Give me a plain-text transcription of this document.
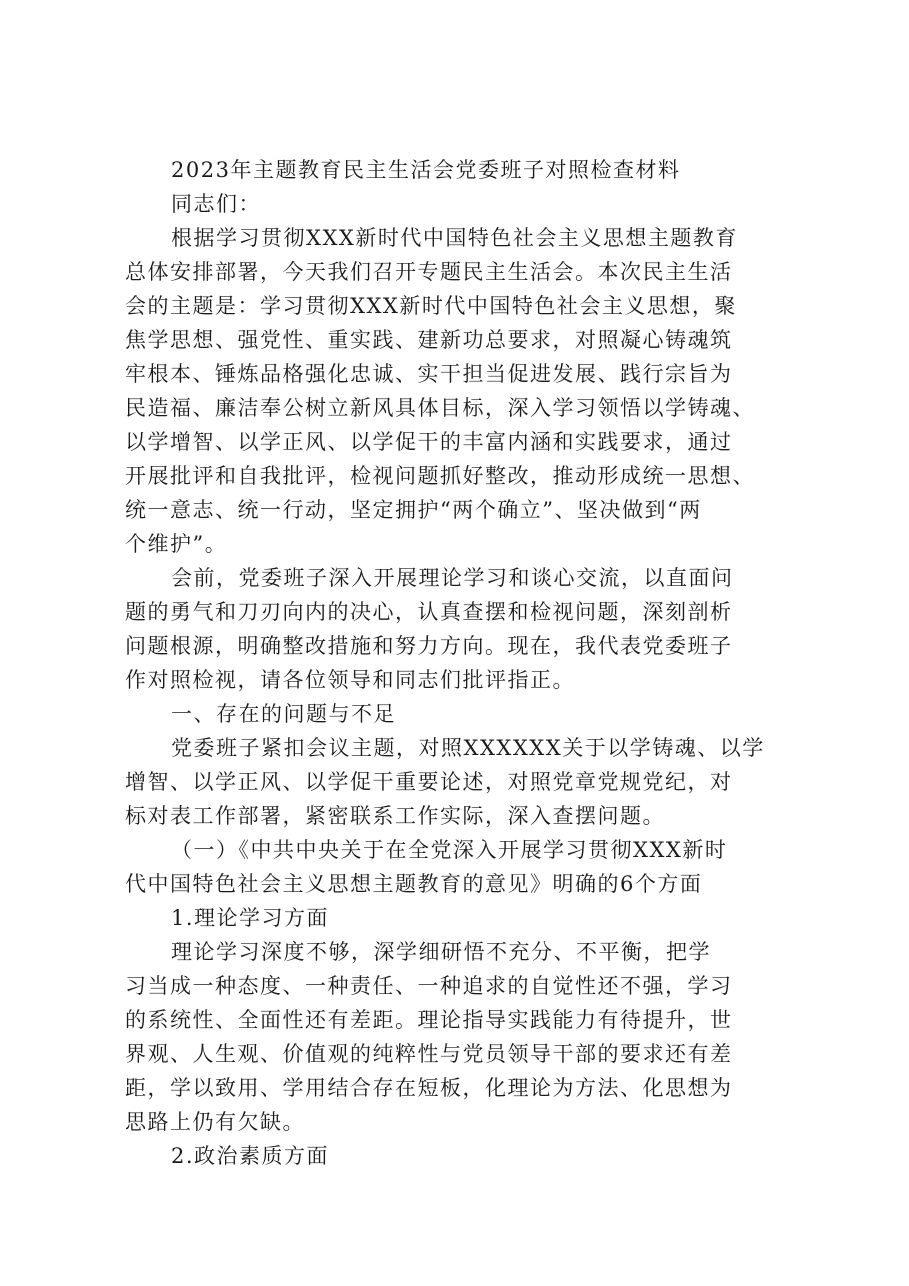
2023年主题教育民主生活会党委班子对照检查材料
同志们：
根据学习贯彻XXX新时代中国特色社会主义思想主题教育
总体安排部署，今天我们召开专题民主生活会。本次民主生活
会的主题是：学习贯彻XXX新时代中国特色社会主义思想，聚
焦学思想、强党性、重实践、建新功总要求，对照凝心铸魂筑
牢根本、锤炼品格强化忠诚、实干担当促进发展、践行宗旨为
民造福、廉洁奉公树立新风具体目标，深入学习领悟以学铸魂、
以学增智、以学正风、以学促干的丰富内涵和实践要求，通过
开展批评和自我批评，检视问题抓好整改，推动形成统一思想、
统一意志、统一行动，坚定拥护“两个确立”、坚决做到“两
个维护”。
会前，党委班子深入开展理论学习和谈心交流，以直面问
题的勇气和刀刃向内的决心，认真查摆和检视问题，深刻剖析
问题根源，明确整改措施和努力方向。现在，我代表党委班子
作对照检视，请各位领导和同志们批评指正。
一、存在的问题与不足
党委班子紧扣会议主题，对照XXXXXX关于以学铸魂、以学
增智、以学正风、以学促干重要论述，对照党章党规党纪，对
标对表工作部署，紧密联系工作实际，深入查摆问题。
（一）《中共中央关于在全党深入开展学习贯彻XXX新时
代中国特色社会主义思想主题教育的意见》明确的6个方面
1.理论学习方面
理论学习深度不够，深学细研悟不充分、不平衡，把学
习当成一种态度、一种责任、一种追求的自觉性还不强，学习
的系统性、全面性还有差距。理论指导实践能力有待提升，世
界观、人生观、价值观的纯粹性与党员领导干部的要求还有差
距，学以致用、学用结合存在短板，化理论为方法、化思想为
思路上仍有欠缺。
2.政治素质方面
